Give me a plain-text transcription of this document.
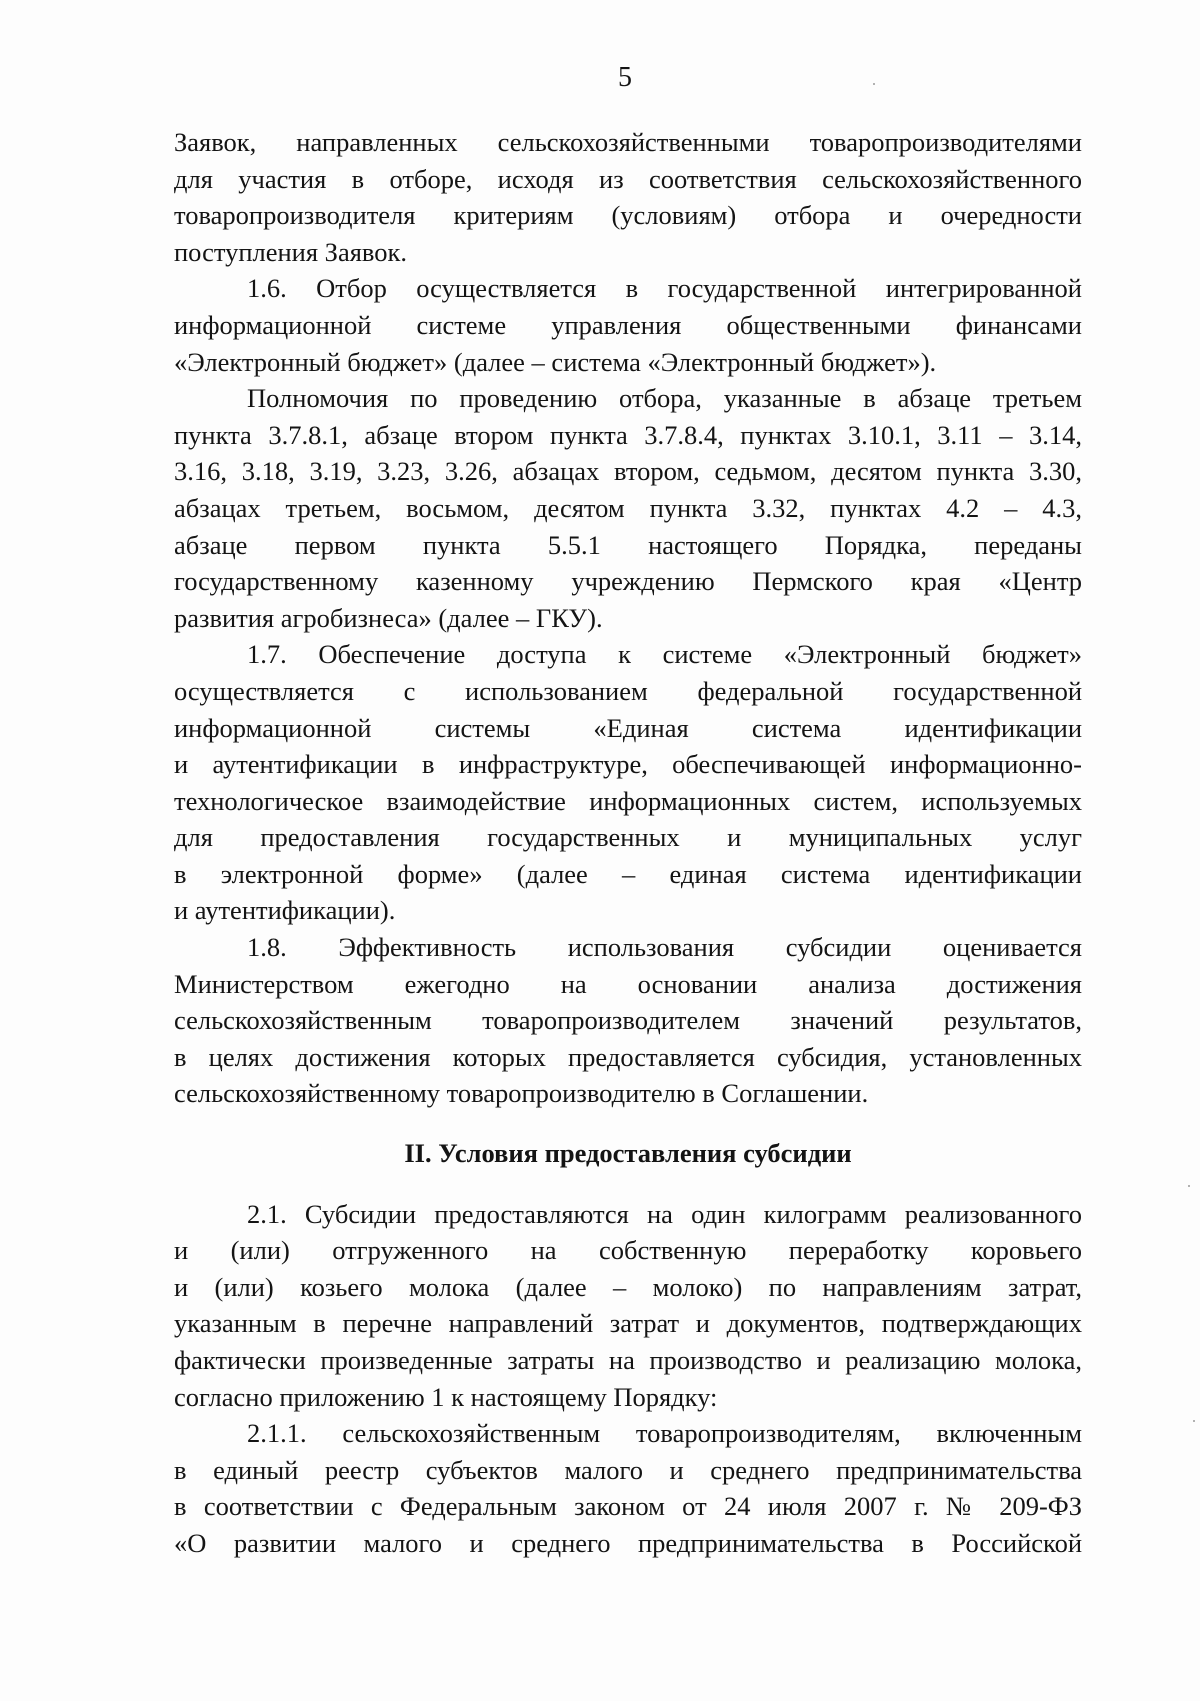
5
Заявок, направленных сельскохозяйственными товаропроизводителями
для участия в отборе, исходя из соответствия сельскохозяйственного
товаропроизводителя критериям (условиям) отбора и очередности
поступления Заявок.
1.6. Отбор осуществляется в государственной интегрированной
информационной системе управления общественными финансами
«Электронный бюджет» (далее – система «Электронный бюджет»).
Полномочия по проведению отбора, указанные в абзаце третьем
пункта 3.7.8.1, абзаце втором пункта 3.7.8.4, пунктах 3.10.1, 3.11 – 3.14,
3.16, 3.18, 3.19, 3.23, 3.26, абзацах втором, седьмом, десятом пункта 3.30,
абзацах третьем, восьмом, десятом пункта 3.32, пунктах 4.2 – 4.3,
абзаце первом пункта 5.5.1 настоящего Порядка, переданы
государственному казенному учреждению Пермского края «Центр
развития агробизнеса» (далее – ГКУ).
1.7. Обеспечение доступа к системе «Электронный бюджет»
осуществляется с использованием федеральной государственной
информационной системы «Единая система идентификации
и аутентификации в инфраструктуре, обеспечивающей информационно-
технологическое взаимодействие информационных систем, используемых
для предоставления государственных и муниципальных услуг
в электронной форме» (далее – единая система идентификации
и аутентификации).
1.8. Эффективность использования субсидии оценивается
Министерством ежегодно на основании анализа достижения
сельскохозяйственным товаропроизводителем значений результатов,
в целях достижения которых предоставляется субсидия, установленных
сельскохозяйственному товаропроизводителю в Соглашении.
II. Условия предоставления субсидии
2.1. Субсидии предоставляются на один килограмм реализованного
и (или) отгруженного на собственную переработку коровьего
и (или) козьего молока (далее – молоко) по направлениям затрат,
указанным в перечне направлений затрат и документов, подтверждающих
фактически произведенные затраты на производство и реализацию молока,
согласно приложению 1 к настоящему Порядку:
2.1.1. сельскохозяйственным товаропроизводителям, включенным
в единый реестр субъектов малого и среднего предпринимательства
в соответствии с Федеральным законом от 24 июля 2007 г. № 209-ФЗ
«О развитии малого и среднего предпринимательства в Российской
